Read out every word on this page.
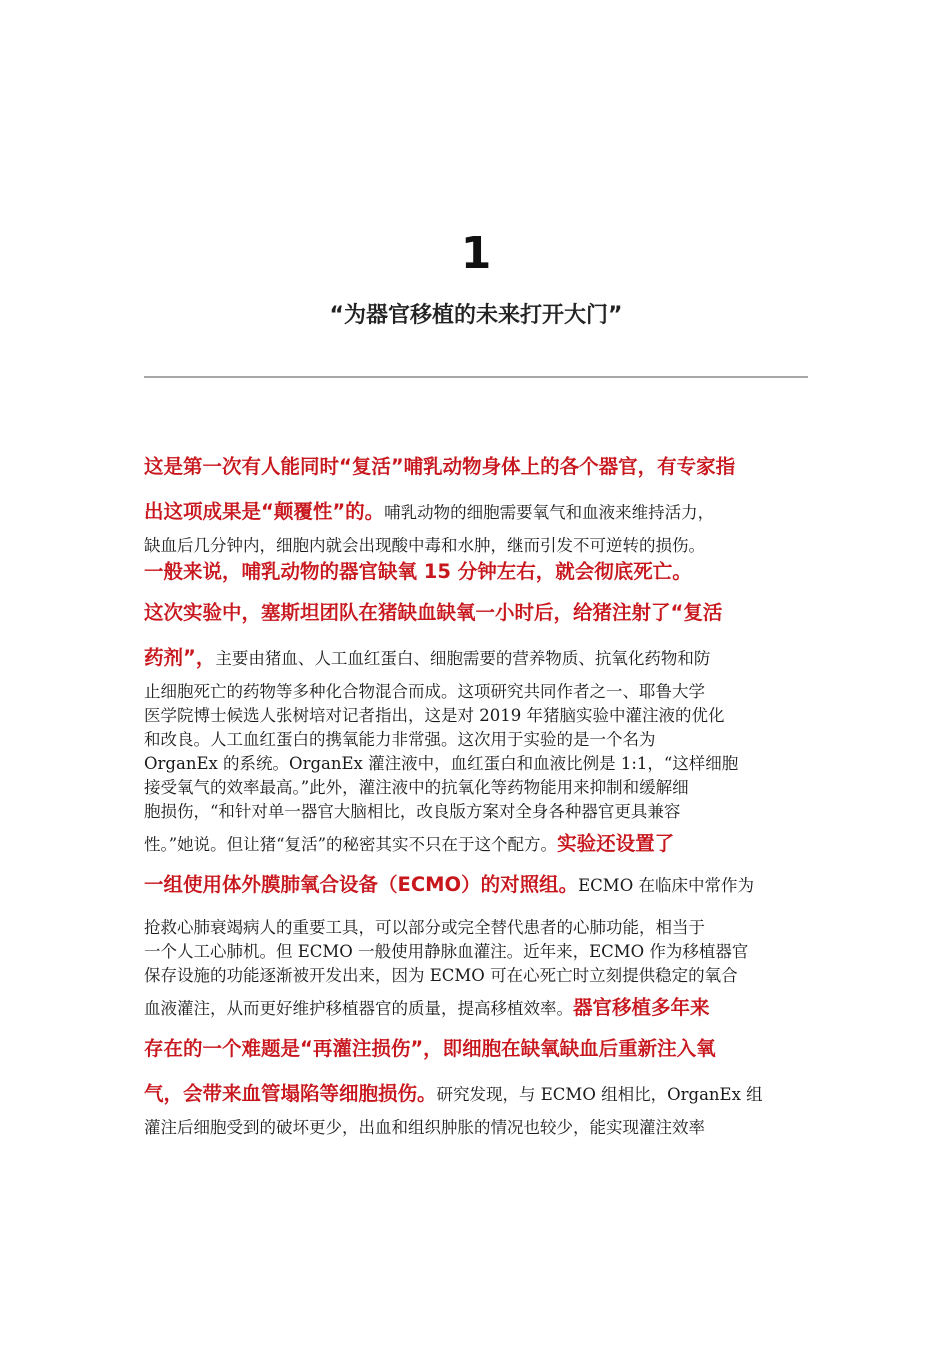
1
“为器官移植的未来打开大门”
这是第一次有人能同时“复活”哺乳动物身体上的各个器官，有专家指
出这项成果是“颠覆性”的。哺乳动物的细胞需要氧气和血液来维持活力，
缺血后几分钟内，细胞内就会出现酸中毒和水肿，继而引发不可逆转的损伤。
一般来说，哺乳动物的器官缺氧 15 分钟左右，就会彻底死亡。
这次实验中，塞斯坦团队在猪缺血缺氧一小时后，给猪注射了“复活
药剂”，主要由猪血、人工血红蛋白、细胞需要的营养物质、抗氧化药物和防
止细胞死亡的药物等多种化合物混合而成。这项研究共同作者之一、耶鲁大学
医学院博士候选人张树培对记者指出，这是对 2019 年猪脑实验中灌注液的优化
和改良。人工血红蛋白的携氧能力非常强。这次用于实验的是一个名为
OrganEx 的系统。OrganEx 灌注液中，血红蛋白和血液比例是 1:1，“这样细胞
接受氧气的效率最高。”此外，灌注液中的抗氧化等药物能用来抑制和缓解细
胞损伤，“和针对单一器官大脑相比，改良版方案对全身各种器官更具兼容
性。”她说。但让猪“复活”的秘密其实不只在于这个配方。实验还设置了
一组使用体外膜肺氧合设备（ECMO）的对照组。ECMO 在临床中常作为
抢救心肺衰竭病人的重要工具，可以部分或完全替代患者的心肺功能，相当于
一个人工心肺机。但 ECMO 一般使用静脉血灌注。近年来，ECMO 作为移植器官
保存设施的功能逐渐被开发出来，因为 ECMO 可在心死亡时立刻提供稳定的氧合
血液灌注，从而更好维护移植器官的质量，提高移植效率。器官移植多年来
存在的一个难题是“再灌注损伤”，即细胞在缺氧缺血后重新注入氧
气，会带来血管塌陷等细胞损伤。研究发现，与 ECMO 组相比，OrganEx 组
灌注后细胞受到的破坏更少，出血和组织肿胀的情况也较少，能实现灌注效率
